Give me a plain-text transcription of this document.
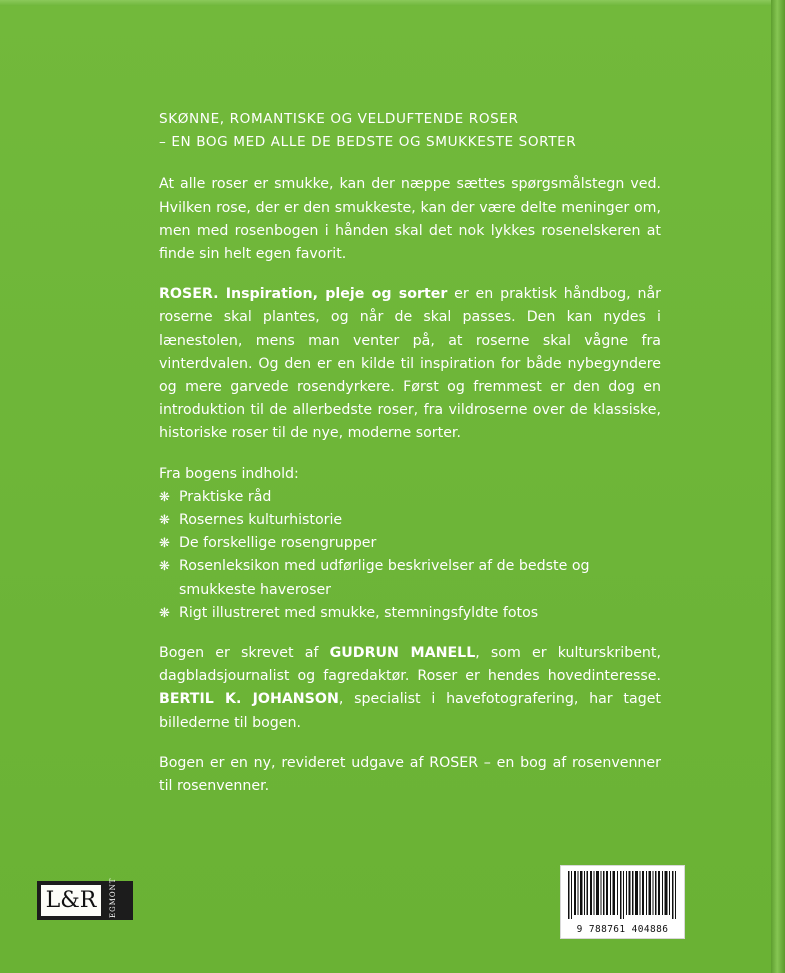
SKØNNE, ROMANTISKE OG VELDUFTENDE ROSER
– EN BOG MED ALLE DE BEDSTE OG SMUKKESTE SORTER

At alle roser er smukke, kan der næppe sættes spørgsmålstegn ved. Hvilken rose, der er den smukkeste, kan der være delte meninger om, men med rosenbogen i hånden skal det nok lykkes rosenelskeren at finde sin helt egen favorit.

ROSER. Inspiration, pleje og sorter er en praktisk håndbog, når roserne skal plantes, og når de skal passes. Den kan nydes i lænestolen, mens man venter på, at roserne skal vågne fra vinterdvalen. Og den er en kilde til inspiration for både nybegyndere og mere garvede rosendyrkere. Først og fremmest er den dog en introduktion til de allerbedste roser, fra vildroserne over de klassiske, historiske roser til de nye, moderne sorter.

Fra bogens indhold:

❋ Praktiske råd
❋ Rosernes kulturhistorie
❋ De forskellige rosengrupper
❋ Rosenleksikon med udførlige beskrivelser af de bedste og smukkeste haveroser
❋ Rigt illustreret med smukke, stemningsfyldte fotos

Bogen er skrevet af GUDRUN MANELL, som er kulturskribent, dagbladsjournalist og fagredaktør. Roser er hendes hovedinteresse. BERTIL K. JOHANSON, specialist i havefotografering, har taget billederne til bogen.

Bogen er en ny, revideret udgave af ROSER – en bog af rosenvenner til rosenvenner.

L&R	EGMONT
9 788761 404886
